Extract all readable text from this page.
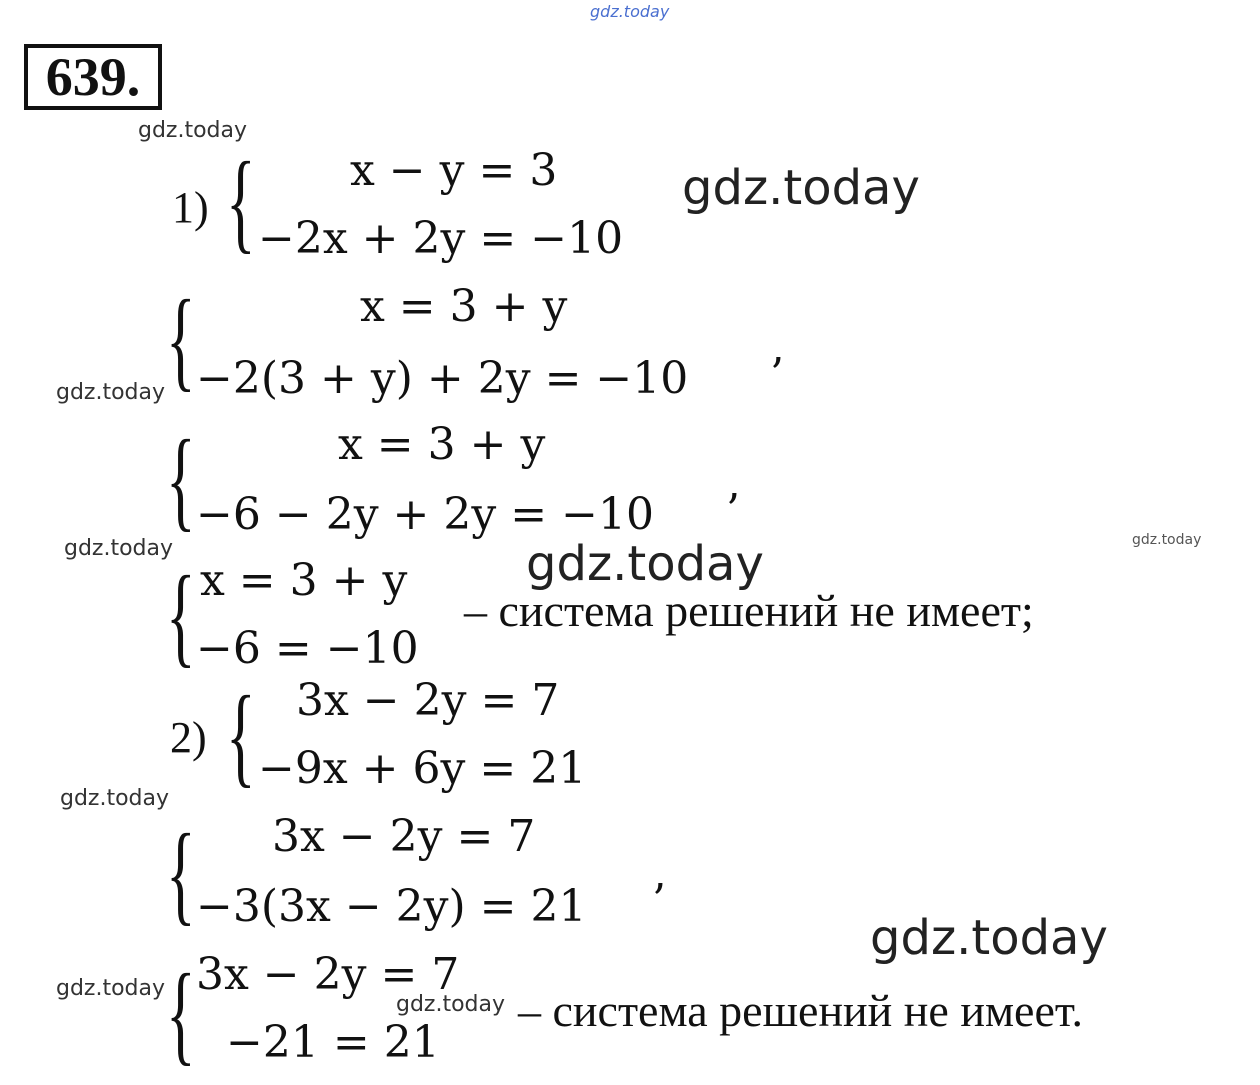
639.
gdz.today
gdz.today
gdz.today
gdz.today
gdz.today	gdz.today	gdz.today
gdz.today
gdz.today
gdz.today
gdz.today
1) { x − y = 3
−2x + 2y = −10
{	x = 3 + y
−2(3 + y) + 2y = −10 ’
{	x = 3 + y
−6 − 2y + 2y = −10 ’
{ x = 3 + y
−6 = −10
– система решений не имеет;
2) { 3x − 2y = 7
−9x + 6y = 21
{ 3x − 2y = 7
−3(3x − 2y) = 21 ’
{ 3x − 2y = 7
−21 = 21
– система решений не имеет.
